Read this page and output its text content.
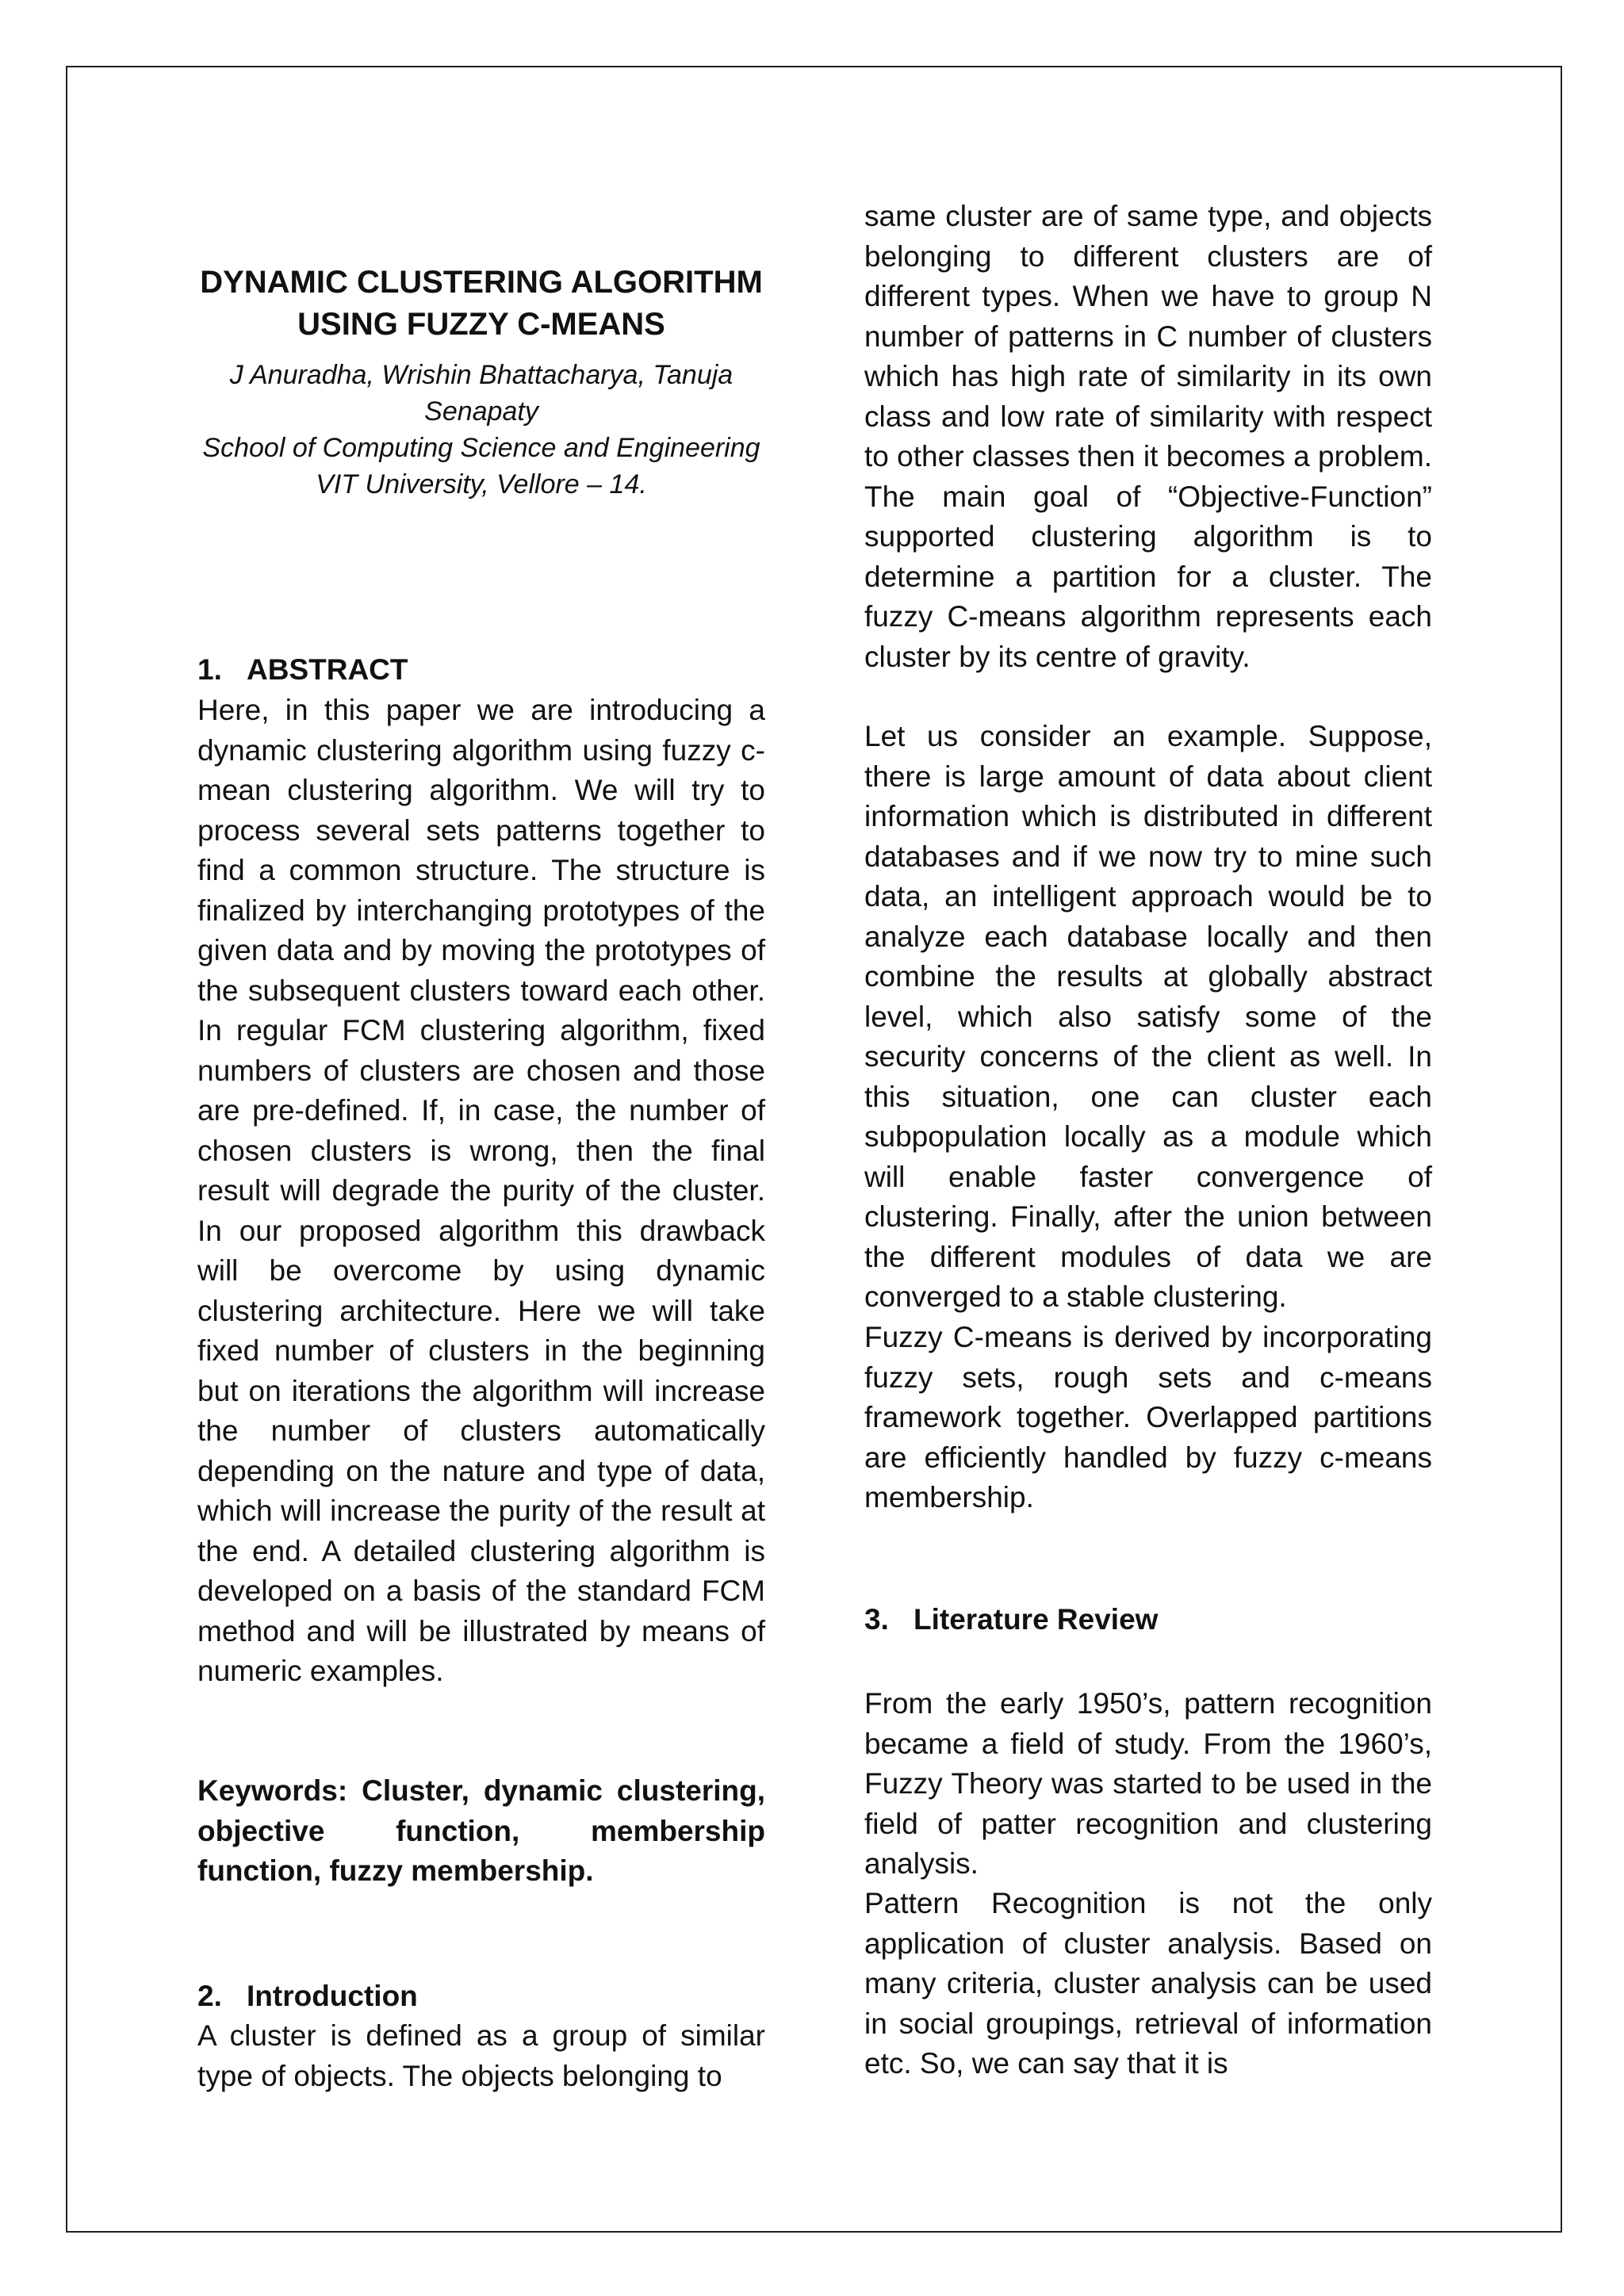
DYNAMIC CLUSTERING ALGORITHM USING FUZZY C-MEANS

J Anuradha, Wrishin Bhattacharya, Tanuja Senapaty

School of Computing Science and Engineering

VIT University, Vellore – 14.

1. ABSTRACT

Here, in this paper we are introducing a dynamic clustering algorithm using fuzzy c-mean clustering algorithm. We will try to process several sets patterns together to find a common structure. The structure is finalized by interchanging prototypes of the given data and by moving the prototypes of the subsequent clusters toward each other. In regular FCM clustering algorithm, fixed numbers of clusters are chosen and those are pre-defined. If, in case, the number of chosen clusters is wrong, then the final result will degrade the purity of the cluster. In our proposed algorithm this drawback will be overcome by using dynamic clustering architecture. Here we will take fixed number of clusters in the beginning but on iterations the algorithm will increase the number of clusters automatically depending on the nature and type of data, which will increase the purity of the result at the end. A detailed clustering algorithm is developed on a basis of the standard FCM method and will be illustrated by means of numeric examples.

Keywords: Cluster, dynamic clustering, objective function, membership function, fuzzy membership.

2. Introduction

A cluster is defined as a group of similar type of objects. The objects belonging to

same cluster are of same type, and objects belonging to different clusters are of different types. When we have to group N number of patterns in C number of clusters which has high rate of similarity in its own class and low rate of similarity with respect to other classes then it becomes a problem. The main goal of “Objective-Function” supported clustering algorithm is to determine a partition for a cluster. The fuzzy C-means algorithm represents each cluster by its centre of gravity.

Let us consider an example. Suppose, there is large amount of data about client information which is distributed in different databases and if we now try to mine such data, an intelligent approach would be to analyze each database locally and then combine the results at globally abstract level, which also satisfy some of the security concerns of the client as well. In this situation, one can cluster each subpopulation locally as a module which will enable faster convergence of clustering. Finally, after the union between the different modules of data we are converged to a stable clustering.

Fuzzy C-means is derived by incorporating fuzzy sets, rough sets and c-means framework together. Overlapped partitions are efficiently handled by fuzzy c-means membership.

3. Literature Review

From the early 1950’s, pattern recognition became a field of study. From the 1960’s, Fuzzy Theory was started to be used in the field of patter recognition and clustering analysis.

Pattern Recognition is not the only application of cluster analysis. Based on many criteria, cluster analysis can be used in social groupings, retrieval of information etc. So, we can say that it is
